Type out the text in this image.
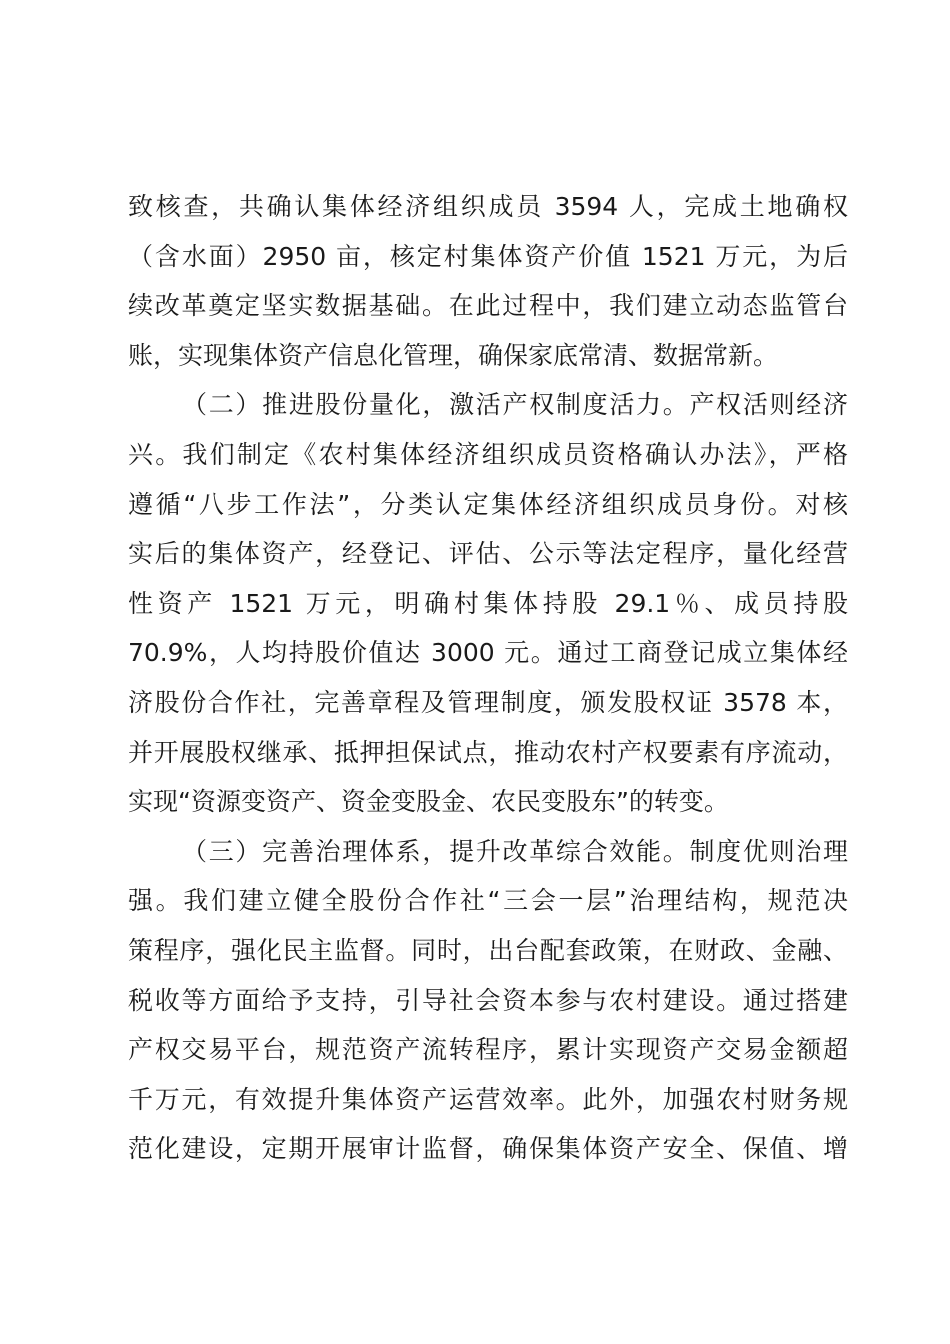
致核查，共确认集体经济组织成员 3594 人，完成土地确权
（含水面）2950 亩，核定村集体资产价值 1521 万元，为后
续改革奠定坚实数据基础。在此过程中，我们建立动态监管台
账，实现集体资产信息化管理，确保家底常清、数据常新。
（二）推进股份量化，激活产权制度活力。产权活则经济
兴。我们制定《农村集体经济组织成员资格确认办法》，严格
遵循“八步工作法”，分类认定集体经济组织成员身份。对核
实后的集体资产，经登记、评估、公示等法定程序，量化经营
性资产 1521 万元，明确村集体持股 29.1％、成员持股
70.9%，人均持股价值达 3000 元。通过工商登记成立集体经
济股份合作社，完善章程及管理制度，颁发股权证 3578 本，
并开展股权继承、抵押担保试点，推动农村产权要素有序流动，
实现“资源变资产、资金变股金、农民变股东”的转变。
（三）完善治理体系，提升改革综合效能。制度优则治理
强。我们建立健全股份合作社“三会一层”治理结构，规范决
策程序，强化民主监督。同时，出台配套政策，在财政、金融、
税收等方面给予支持，引导社会资本参与农村建设。通过搭建
产权交易平台，规范资产流转程序，累计实现资产交易金额超
千万元，有效提升集体资产运营效率。此外，加强农村财务规
范化建设，定期开展审计监督，确保集体资产安全、保值、增
